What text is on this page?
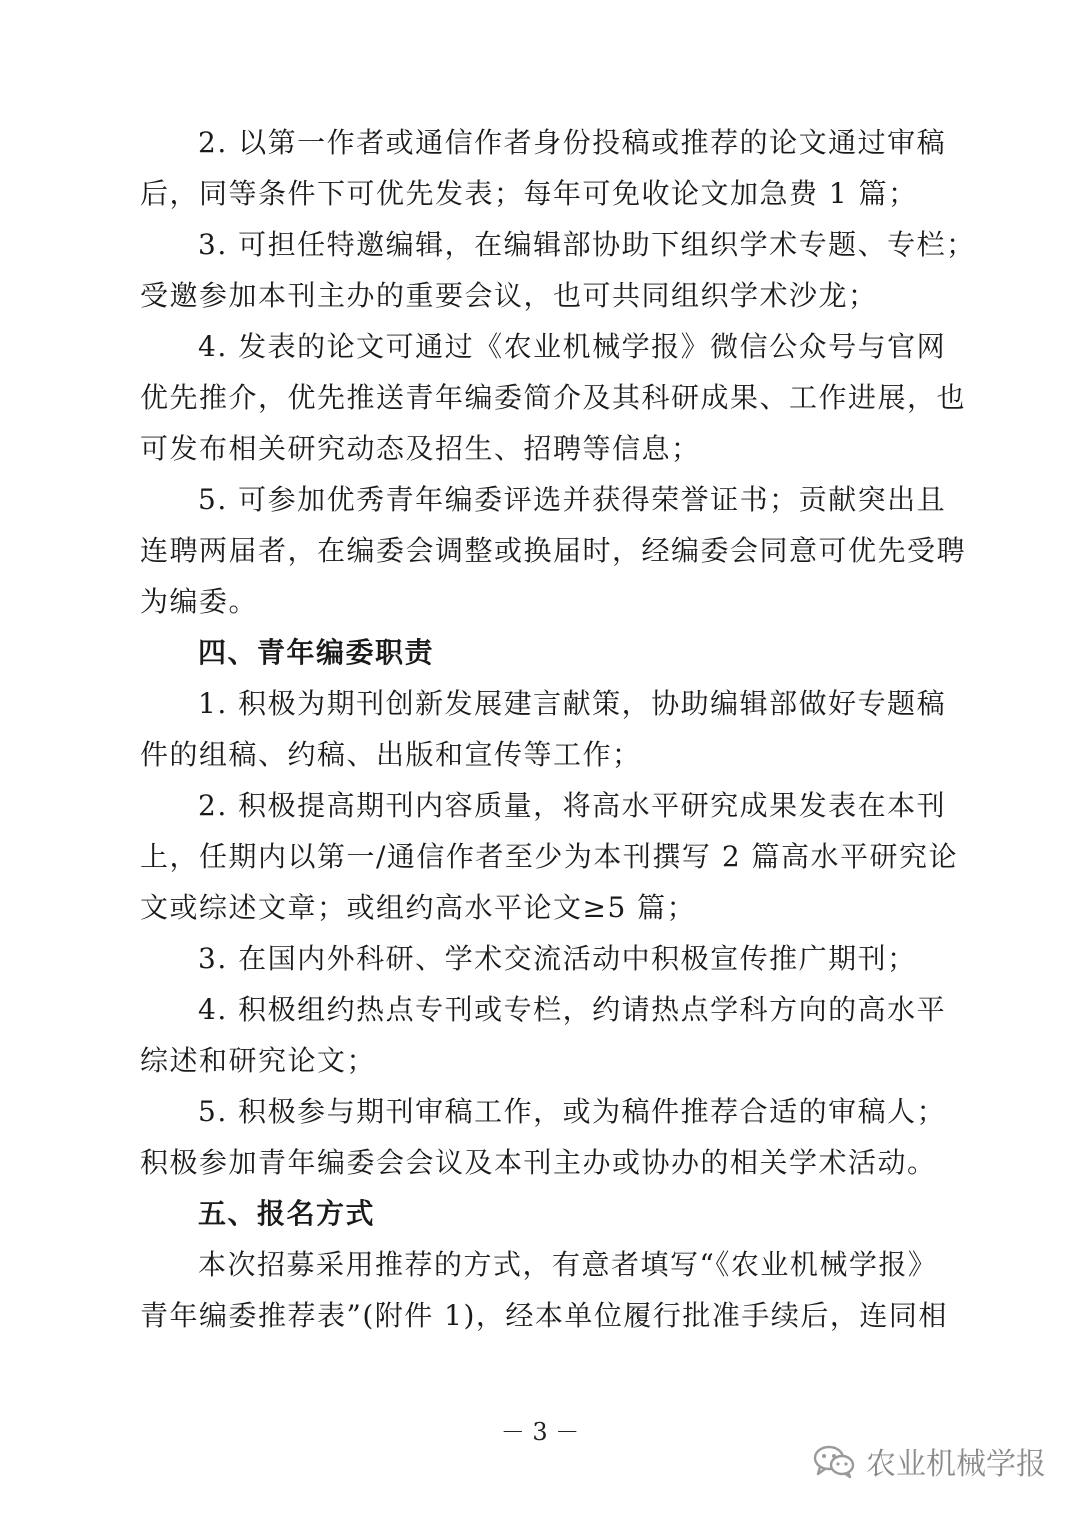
2. 以第一作者或通信作者身份投稿或推荐的论文通过审稿
后，同等条件下可优先发表；每年可免收论文加急费 1 篇；
3. 可担任特邀编辑，在编辑部协助下组织学术专题、专栏；
受邀参加本刊主办的重要会议，也可共同组织学术沙龙；
4. 发表的论文可通过《农业机械学报》微信公众号与官网
优先推介，优先推送青年编委简介及其科研成果、工作进展，也
可发布相关研究动态及招生、招聘等信息；
5. 可参加优秀青年编委评选并获得荣誉证书；贡献突出且
连聘两届者，在编委会调整或换届时，经编委会同意可优先受聘
为编委。
四、青年编委职责
1. 积极为期刊创新发展建言献策，协助编辑部做好专题稿
件的组稿、约稿、出版和宣传等工作；
2. 积极提高期刊内容质量，将高水平研究成果发表在本刊
上，任期内以第一/通信作者至少为本刊撰写 2 篇高水平研究论
文或综述文章；或组约高水平论文≥5 篇；
3. 在国内外科研、学术交流活动中积极宣传推广期刊；
4. 积极组约热点专刊或专栏，约请热点学科方向的高水平
综述和研究论文；
5. 积极参与期刊审稿工作，或为稿件推荐合适的审稿人；
积极参加青年编委会会议及本刊主办或协办的相关学术活动。
五、报名方式
本次招募采用推荐的方式，有意者填写“《农业机械学报》
青年编委推荐表”(附件 1)，经本单位履行批准手续后，连同相
－ 3 －
农业机械学报
